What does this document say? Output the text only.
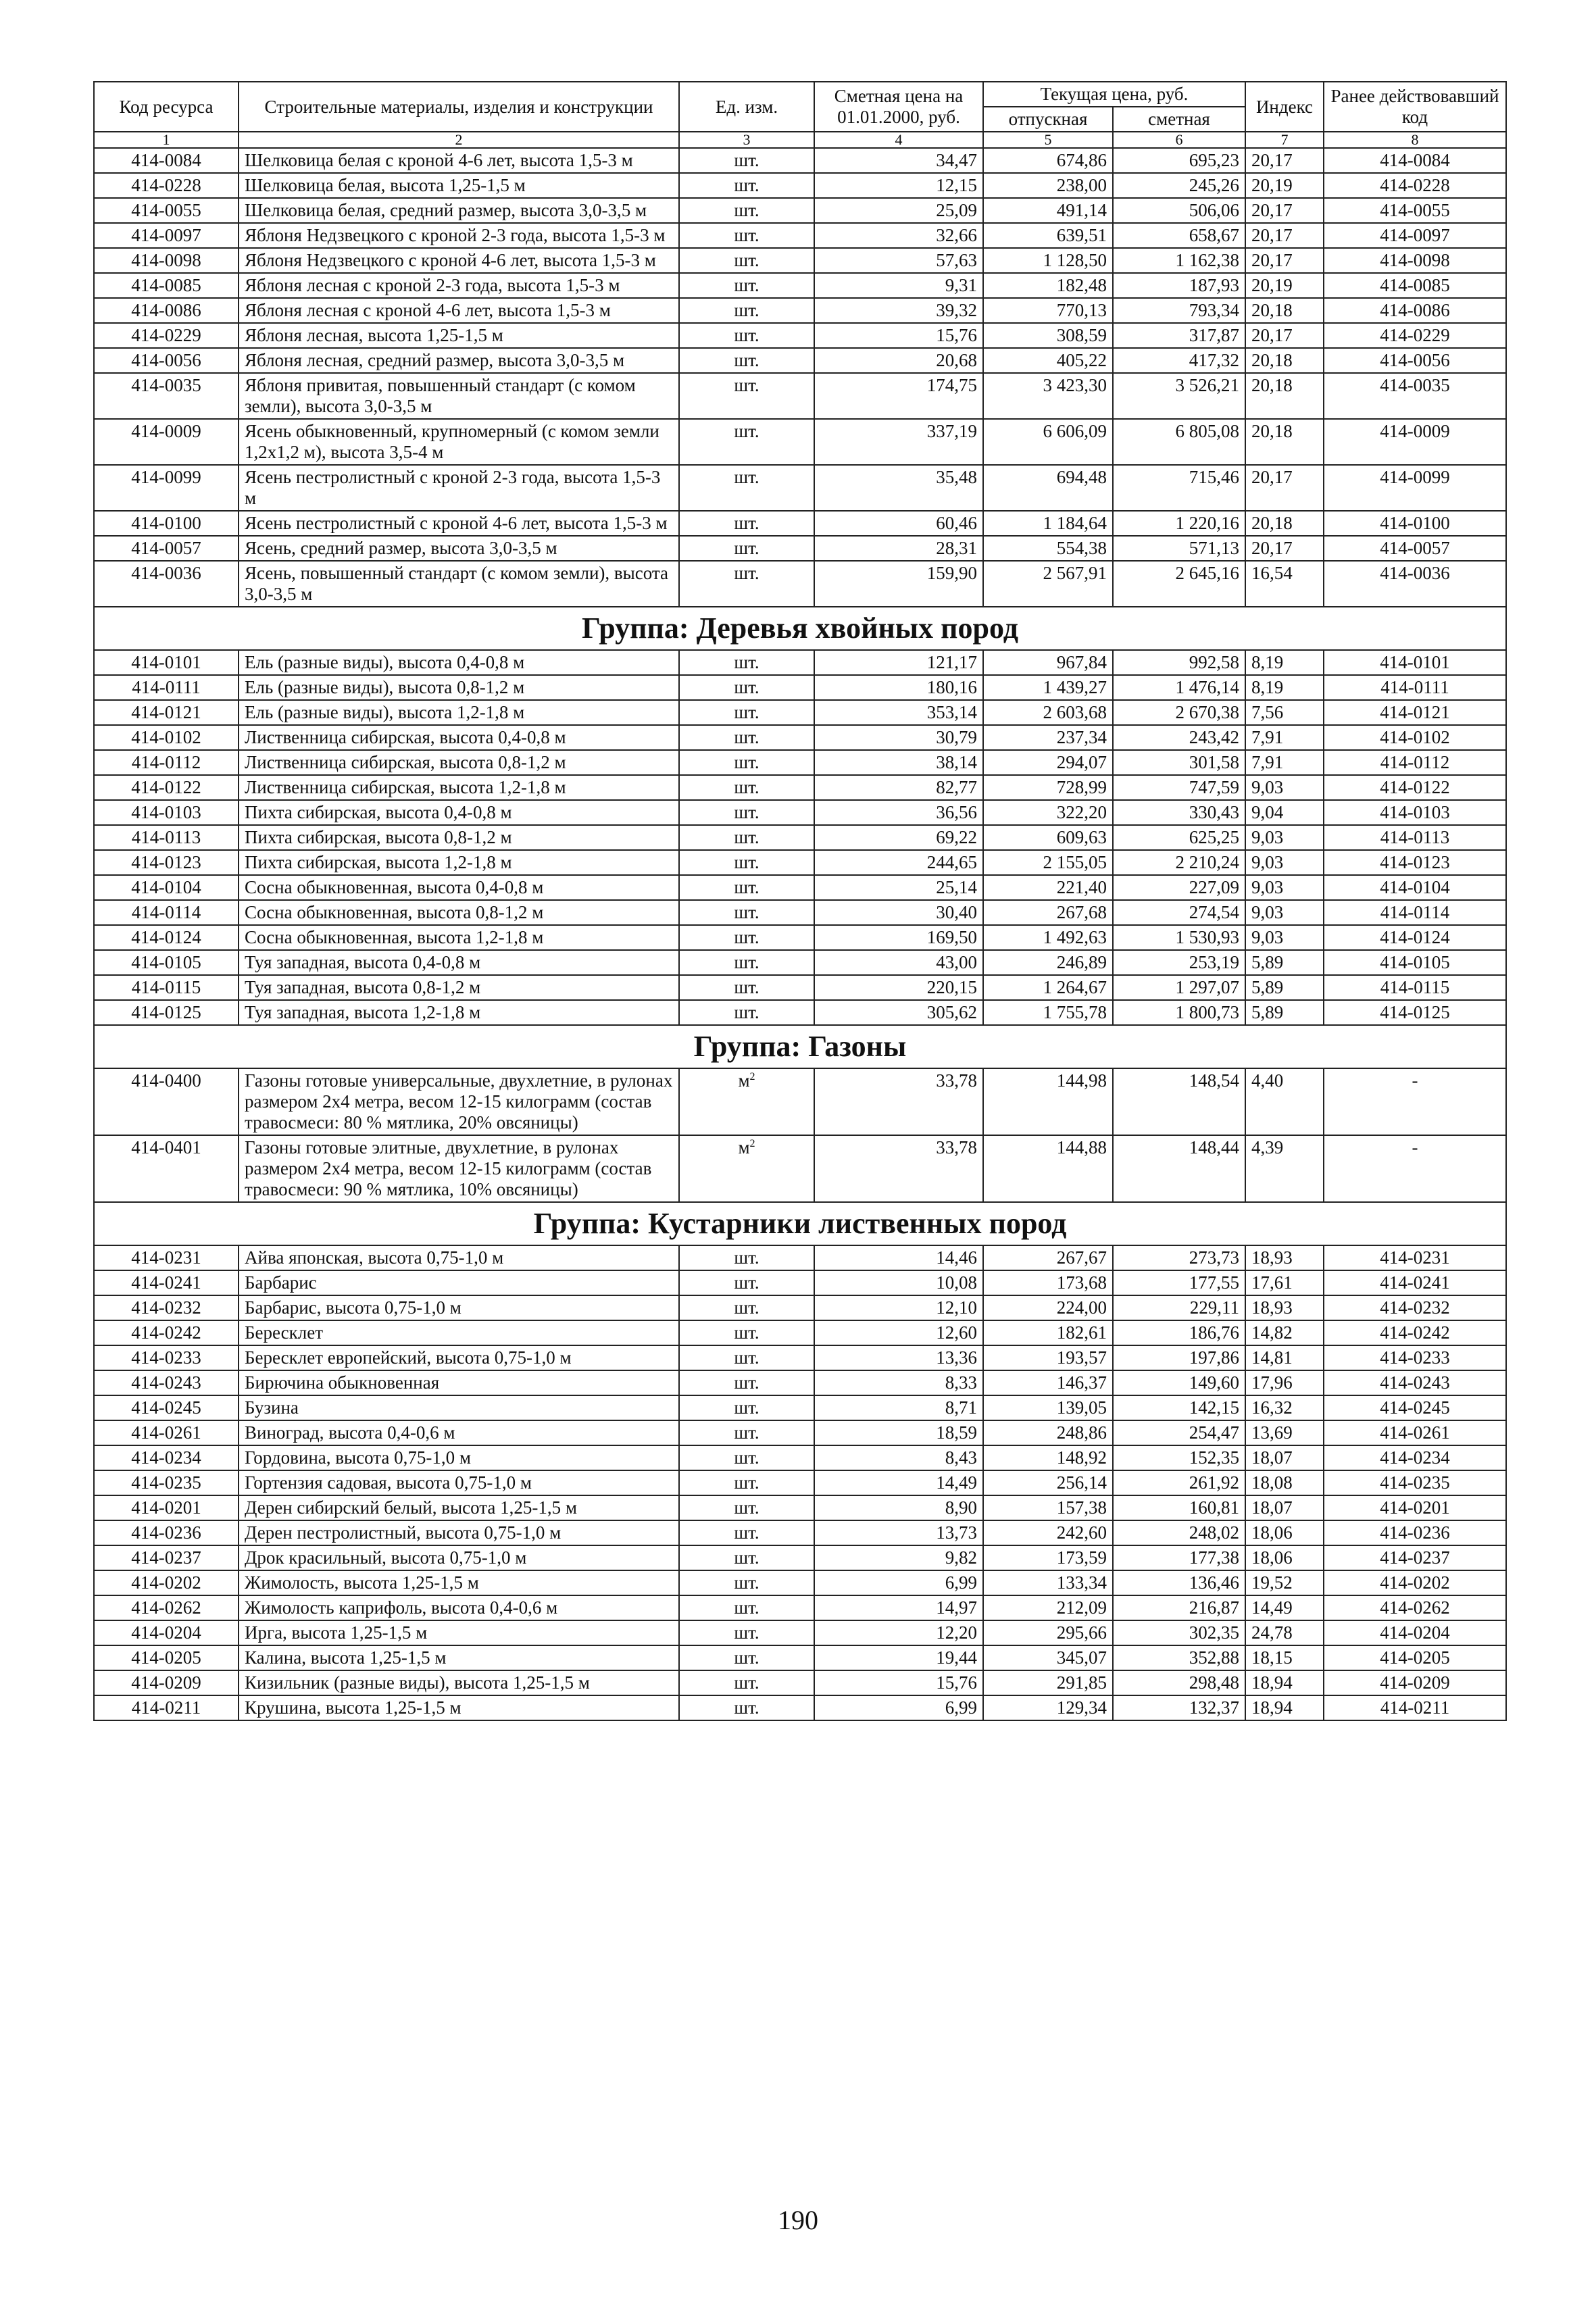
Код ресурса	Строительные материалы, изделия и конструкции	Ед. изм.	Сметная цена на 01.01.2000, руб.	Текущая цена, руб.		Индекс	Ранее действовавший код
				отпускная	сметная		
1	2	3	4	5	6	7	8
414-0084	Шелковица белая с кроной 4-6 лет, высота 1,5-3 м	шт.	34,47	674,86	695,23	20,17	414-0084
414-0228	Шелковица белая, высота 1,25-1,5 м	шт.	12,15	238,00	245,26	20,19	414-0228
414-0055	Шелковица белая, средний размер, высота 3,0-3,5 м	шт.	25,09	491,14	506,06	20,17	414-0055
414-0097	Яблоня Недзвецкого с кроной 2-3 года, высота 1,5-3 м	шт.	32,66	639,51	658,67	20,17	414-0097
414-0098	Яблоня Недзвецкого с кроной 4-6 лет, высота 1,5-3 м	шт.	57,63	1 128,50	1 162,38	20,17	414-0098
414-0085	Яблоня лесная с кроной 2-3 года, высота 1,5-3 м	шт.	9,31	182,48	187,93	20,19	414-0085
414-0086	Яблоня лесная с кроной 4-6 лет, высота 1,5-3 м	шт.	39,32	770,13	793,34	20,18	414-0086
414-0229	Яблоня лесная, высота 1,25-1,5 м	шт.	15,76	308,59	317,87	20,17	414-0229
414-0056	Яблоня лесная, средний размер, высота 3,0-3,5 м	шт.	20,68	405,22	417,32	20,18	414-0056
414-0035	Яблоня привитая, повышенный стандарт (с комом земли), высота 3,0-3,5 м	шт.	174,75	3 423,30	3 526,21	20,18	414-0035
414-0009	Ясень обыкновенный, крупномерный (с комом земли 1,2х1,2 м), высота 3,5-4 м	шт.	337,19	6 606,09	6 805,08	20,18	414-0009
414-0099	Ясень пестролистный с кроной 2-3 года, высота 1,5-3 м	шт.	35,48	694,48	715,46	20,17	414-0099
414-0100	Ясень пестролистный с кроной 4-6 лет, высота 1,5-3 м	шт.	60,46	1 184,64	1 220,16	20,18	414-0100
414-0057	Ясень, средний размер, высота 3,0-3,5 м	шт.	28,31	554,38	571,13	20,17	414-0057
414-0036	Ясень, повышенный стандарт (с комом земли), высота 3,0-3,5 м	шт.	159,90	2 567,91	2 645,16	16,54	414-0036
Группа: Деревья хвойных пород							
414-0101	Ель (разные виды), высота 0,4-0,8 м	шт.	121,17	967,84	992,58	8,19	414-0101
414-0111	Ель (разные виды), высота 0,8-1,2 м	шт.	180,16	1 439,27	1 476,14	8,19	414-0111
414-0121	Ель (разные виды), высота 1,2-1,8 м	шт.	353,14	2 603,68	2 670,38	7,56	414-0121
414-0102	Лиственница сибирская, высота 0,4-0,8 м	шт.	30,79	237,34	243,42	7,91	414-0102
414-0112	Лиственница сибирская, высота 0,8-1,2 м	шт.	38,14	294,07	301,58	7,91	414-0112
414-0122	Лиственница сибирская, высота 1,2-1,8 м	шт.	82,77	728,99	747,59	9,03	414-0122
414-0103	Пихта сибирская, высота 0,4-0,8 м	шт.	36,56	322,20	330,43	9,04	414-0103
414-0113	Пихта сибирская, высота 0,8-1,2 м	шт.	69,22	609,63	625,25	9,03	414-0113
414-0123	Пихта сибирская, высота 1,2-1,8 м	шт.	244,65	2 155,05	2 210,24	9,03	414-0123
414-0104	Сосна обыкновенная, высота 0,4-0,8 м	шт.	25,14	221,40	227,09	9,03	414-0104
414-0114	Сосна обыкновенная, высота 0,8-1,2 м	шт.	30,40	267,68	274,54	9,03	414-0114
414-0124	Сосна обыкновенная, высота 1,2-1,8 м	шт.	169,50	1 492,63	1 530,93	9,03	414-0124
414-0105	Туя западная, высота 0,4-0,8 м	шт.	43,00	246,89	253,19	5,89	414-0105
414-0115	Туя западная, высота 0,8-1,2 м	шт.	220,15	1 264,67	1 297,07	5,89	414-0115
414-0125	Туя западная, высота 1,2-1,8 м	шт.	305,62	1 755,78	1 800,73	5,89	414-0125
Группа: Газоны							
414-0400	Газоны готовые универсальные, двухлетние, в рулонах размером 2х4 метра, весом 12-15 килограмм (состав травосмеси: 80 % мятлика, 20% овсяницы)	$м^2$	33,78	144,98	148,54	4,40	-
414-0401	Газоны готовые элитные, двухлетние, в рулонах размером 2х4 метра, весом 12-15 килограмм (состав травосмеси: 90 % мятлика, 10% овсяницы)	$м^2$	33,78	144,88	148,44	4,39	-
Группа: Кустарники лиственных пород							
414-0231	Айва японская, высота 0,75-1,0 м	шт.	14,46	267,67	273,73	18,93	414-0231
414-0241	Барбарис	шт.	10,08	173,68	177,55	17,61	414-0241
414-0232	Барбарис, высота 0,75-1,0 м	шт.	12,10	224,00	229,11	18,93	414-0232
414-0242	Бересклет	шт.	12,60	182,61	186,76	14,82	414-0242
414-0233	Бересклет европейский, высота 0,75-1,0 м	шт.	13,36	193,57	197,86	14,81	414-0233
414-0243	Бирючина обыкновенная	шт.	8,33	146,37	149,60	17,96	414-0243
414-0245	Бузина	шт.	8,71	139,05	142,15	16,32	414-0245
414-0261	Виноград, высота 0,4-0,6 м	шт.	18,59	248,86	254,47	13,69	414-0261
414-0234	Гордовина, высота 0,75-1,0 м	шт.	8,43	148,92	152,35	18,07	414-0234
414-0235	Гортензия садовая, высота 0,75-1,0 м	шт.	14,49	256,14	261,92	18,08	414-0235
414-0201	Дерен сибирский белый, высота 1,25-1,5 м	шт.	8,90	157,38	160,81	18,07	414-0201
414-0236	Дерен пестролистный, высота 0,75-1,0 м	шт.	13,73	242,60	248,02	18,06	414-0236
414-0237	Дрок красильный, высота 0,75-1,0 м	шт.	9,82	173,59	177,38	18,06	414-0237
414-0202	Жимолость, высота 1,25-1,5 м	шт.	6,99	133,34	136,46	19,52	414-0202
414-0262	Жимолость каприфоль, высота 0,4-0,6 м	шт.	14,97	212,09	216,87	14,49	414-0262
414-0204	Ирга, высота 1,25-1,5 м	шт.	12,20	295,66	302,35	24,78	414-0204
414-0205	Калина, высота 1,25-1,5 м	шт.	19,44	345,07	352,88	18,15	414-0205
414-0209	Кизильник (разные виды), высота 1,25-1,5 м	шт.	15,76	291,85	298,48	18,94	414-0209
414-0211	Крушина, высота 1,25-1,5 м	шт.	6,99	129,34	132,37	18,94	414-0211
190
